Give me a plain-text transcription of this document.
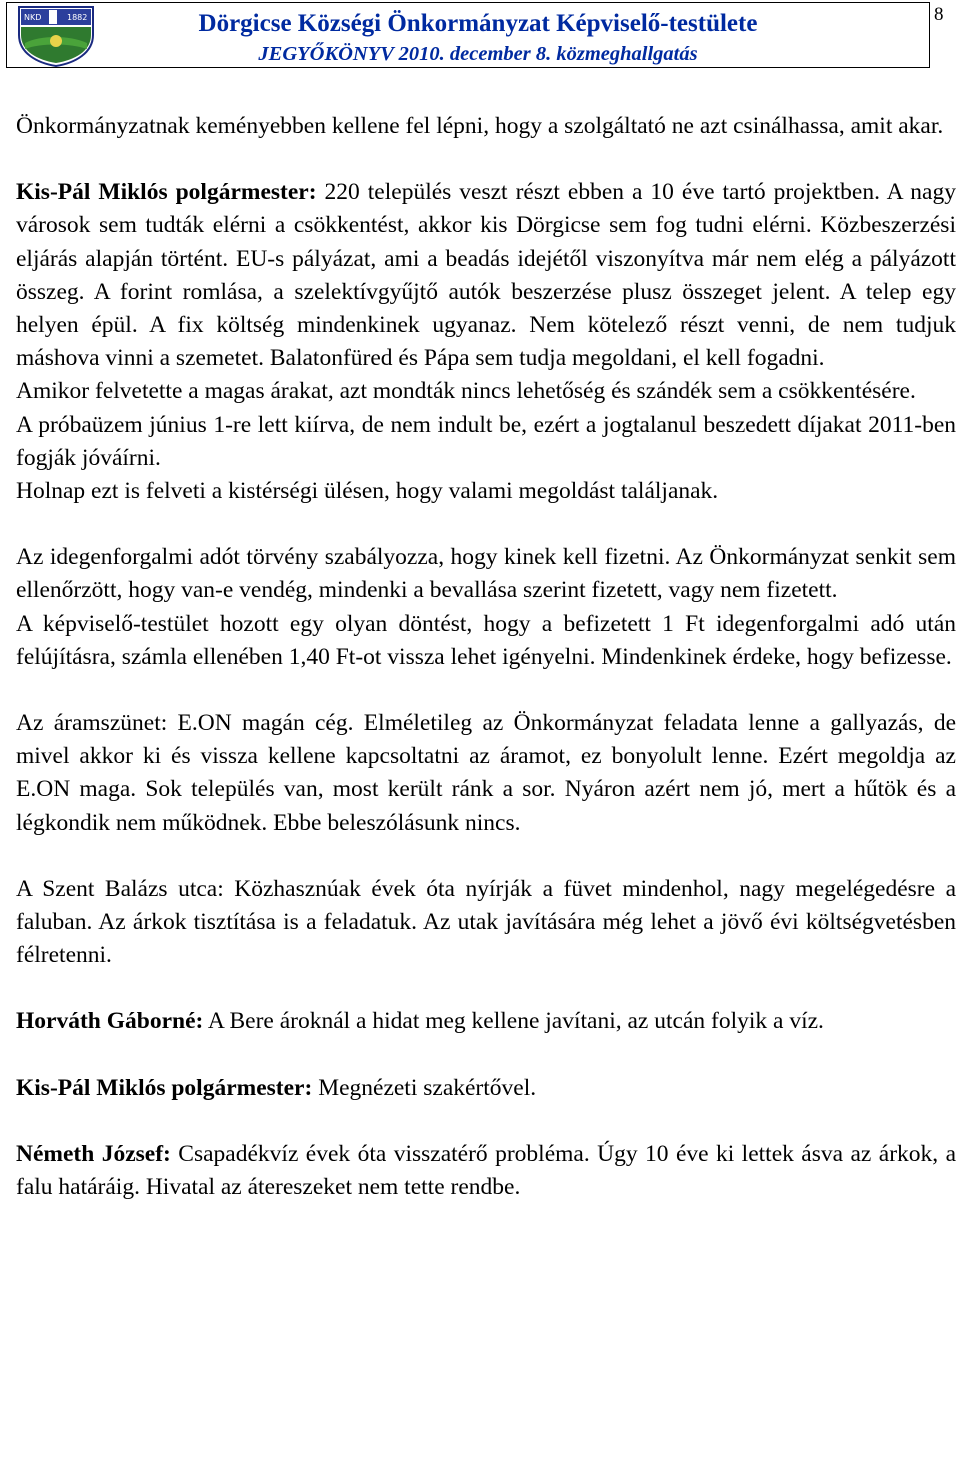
NKD	1882	Dörgicse Községi Önkormányzat Képviselő-testülete
JEGYŐKÖNYV 2010. december 8. közmeghallgatás
8

Önkormányzatnak keményebben kellene fel lépni, hogy a szolgáltató ne azt csinálhassa, amit akar.

Kis-Pál Miklós polgármester: 220 település veszt részt ebben a 10 éve tartó projektben. A nagy városok sem tudták elérni a csökkentést, akkor kis Dörgicse sem fog tudni elérni. Közbeszerzési eljárás alapján történt. EU-s pályázat, ami a beadás idejétől viszonyítva már nem elég a pályázott összeg. A forint romlása, a szelektívgyűjtő autók beszerzése plusz összeget jelent. A telep egy helyen épül. A fix költség mindenkinek ugyanaz. Nem kötelező részt venni, de nem tudjuk máshova vinni a szemetet. Balatonfüred és Pápa sem tudja megoldani, el kell fogadni.

Amikor felvetette a magas árakat, azt mondták nincs lehetőség és szándék sem a csökkentésére.

A próbaüzem június 1-re lett kiírva, de nem indult be, ezért a jogtalanul beszedett díjakat 2011-ben fogják jóváírni.

Holnap ezt is felveti a kistérségi ülésen, hogy valami megoldást találjanak.

Az idegenforgalmi adót törvény szabályozza, hogy kinek kell fizetni. Az Önkormányzat senkit sem ellenőrzött, hogy van-e vendég, mindenki a bevallása szerint fizetett, vagy nem fizetett.

A képviselő-testület hozott egy olyan döntést, hogy a befizetett 1 Ft idegenforgalmi adó után felújításra, számla ellenében 1,40 Ft-ot vissza lehet igényelni. Mindenkinek érdeke, hogy befizesse.

Az áramszünet: E.ON magán cég. Elméletileg az Önkormányzat feladata lenne a gallyazás, de mivel akkor ki és vissza kellene kapcsoltatni az áramot, ez bonyolult lenne. Ezért megoldja az E.ON maga. Sok település van, most került ránk a sor. Nyáron azért nem jó, mert a hűtök és a légkondik nem működnek. Ebbe beleszólásunk nincs.

A Szent Balázs utca: Közhasznúak évek óta nyírják a füvet mindenhol, nagy megelégedésre a faluban. Az árkok tisztítása is a feladatuk. Az utak javítására még lehet a jövő évi költségvetésben félretenni.

Horváth Gáborné: A Bere ároknál a hidat meg kellene javítani, az utcán folyik a víz.

Kis-Pál Miklós polgármester: Megnézeti szakértővel.

Németh József: Csapadékvíz évek óta visszatérő probléma. Úgy 10 éve ki lettek ásva az árkok, a falu határáig. Hivatal az átereszeket nem tette rendbe.
